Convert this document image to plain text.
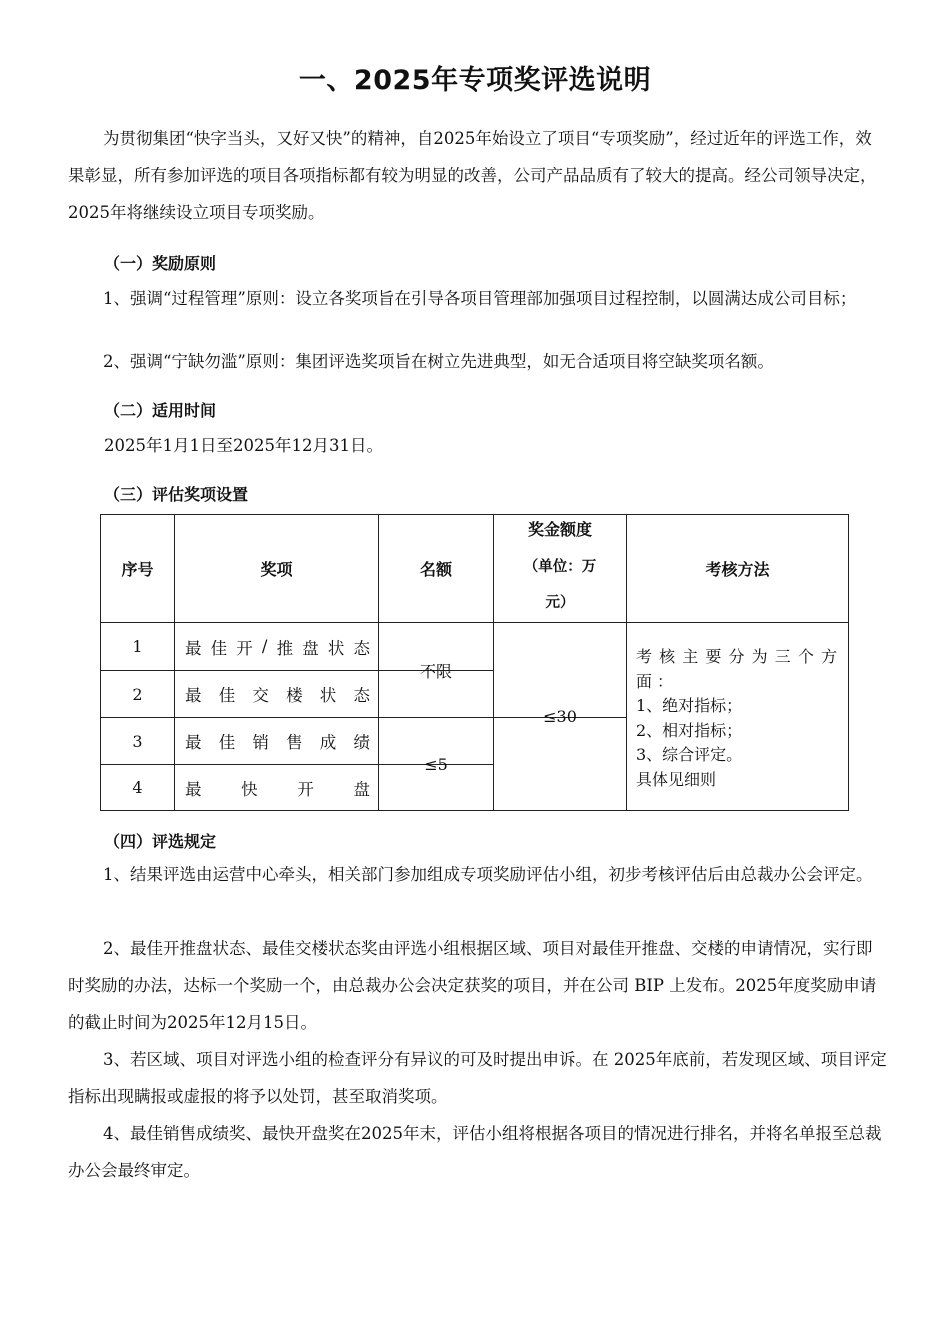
一、2025年专项奖评选说明
为贯彻集团“快字当头，又好又快”的精神，自2025年始设立了项目“专项奖励”，经过近年的评选工作，效果彰显，所有参加评选的项目各项指标都有较为明显的改善，公司产品品质有了较大的提高。经公司领导决定，2025年将继续设立项目专项奖励。
（一）奖励原则
1、强调“过程管理”原则：设立各奖项旨在引导各项目管理部加强项目过程控制，以圆满达成公司目标；
2、强调“宁缺勿滥”原则：集团评选奖项旨在树立先进典型，如无合适项目将空缺奖项名额。
（二）适用时间
2025年1月1日至2025年12月31日。
（三）评估奖项设置
序号	奖项	名额
奖金额度
（单位：万
元）
考核方法
1
2
3
4
最 佳 开 / 推 盘 状 态
最 佳 交 楼 状 态
最 佳 销 售 成 绩
最 快 开 盘
不限
≤5
≤30
考核主要分为三个方面：
1、绝对指标；
2、相对指标；
3、综合评定。
具体见细则
（四）评选规定
1、结果评选由运营中心牵头，相关部门参加组成专项奖励评估小组，初步考核评估后由总裁办公会评定。
2、最佳开推盘状态、最佳交楼状态奖由评选小组根据区域、项目对最佳开推盘、交楼的申请情况，实行即时奖励的办法，达标一个奖励一个，由总裁办公会决定获奖的项目，并在公司 BIP 上发布。2025年度奖励申请的截止时间为2025年12月15日。
3、若区域、项目对评选小组的检查评分有异议的可及时提出申诉。在 2025年底前，若发现区域、项目评定指标出现瞒报或虚报的将予以处罚，甚至取消奖项。
4、最佳销售成绩奖、最快开盘奖在2025年末，评估小组将根据各项目的情况进行排名，并将名单报至总裁办公会最终审定。
